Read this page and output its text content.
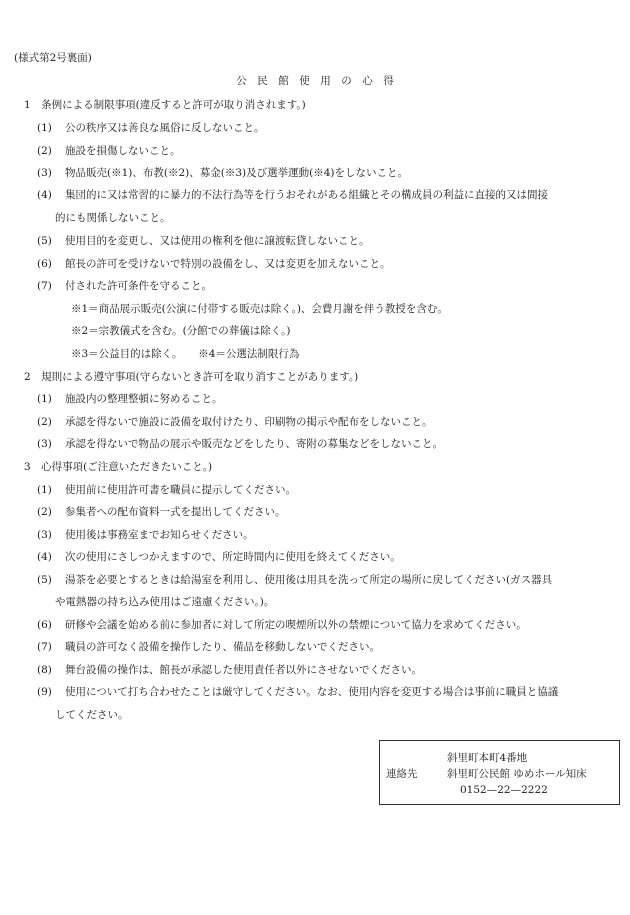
(様式第2号裏面)
公　民　館　使　用　の　心　得
1　条例による制限事項(違反すると許可が取り消されます。)
(1) 公の秩序又は善良な風俗に反しないこと。
(2) 施設を損傷しないこと。
(3) 物品販売(※1)、布教(※2)、募金(※3)及び選挙運動(※4)をしないこと。
(4) 集団的に又は常習的に暴力的不法行為等を行うおそれがある組織とその構成員の利益に直接的又は間接
的にも関係しないこと。
(5) 使用目的を変更し、又は使用の権利を他に譲渡転貸しないこと。
(6) 館長の許可を受けないで特別の設備をし、又は変更を加えないこと。
(7) 付された許可条件を守ること。
※1＝商品展示販売(公演に付帯する販売は除く。)、会費月謝を伴う教授を含む。
※2＝宗教儀式を含む。(分館での葬儀は除く。)
※3＝公益目的は除く。　　※4＝公選法制限行為
2　規則による遵守事項(守らないとき許可を取り消すことがあります。)
(1) 施設内の整理整頓に努めること。
(2) 承認を得ないで施設に設備を取付けたり、印刷物の掲示や配布をしないこと。
(3) 承認を得ないで物品の展示や販売などをしたり、寄附の募集などをしないこと。
3　心得事項(ご注意いただきたいこと。)
(1) 使用前に使用許可書を職員に提示してください。
(2) 参集者への配布資料一式を提出してください。
(3) 使用後は事務室までお知らせください。
(4) 次の使用にさしつかえますので、所定時間内に使用を終えてください。
(5) 湯茶を必要とするときは給湯室を利用し、使用後は用具を洗って所定の場所に戻してください(ガス器具
や電熱器の持ち込み使用はご遠慮ください。)。
(6) 研修や会議を始める前に参加者に対して所定の喫煙所以外の禁煙について協力を求めてください。
(7) 職員の許可なく設備を操作したり、備品を移動しないでください。
(8) 舞台設備の操作は、館長が承認した使用責任者以外にさせないでください。
(9) 使用について打ち合わせたことは厳守してください。なお、使用内容を変更する場合は事前に職員と協議
してください。
連絡先
斜里町本町4番地
斜里町公民館 ゆめホール知床
0152—22—2222
